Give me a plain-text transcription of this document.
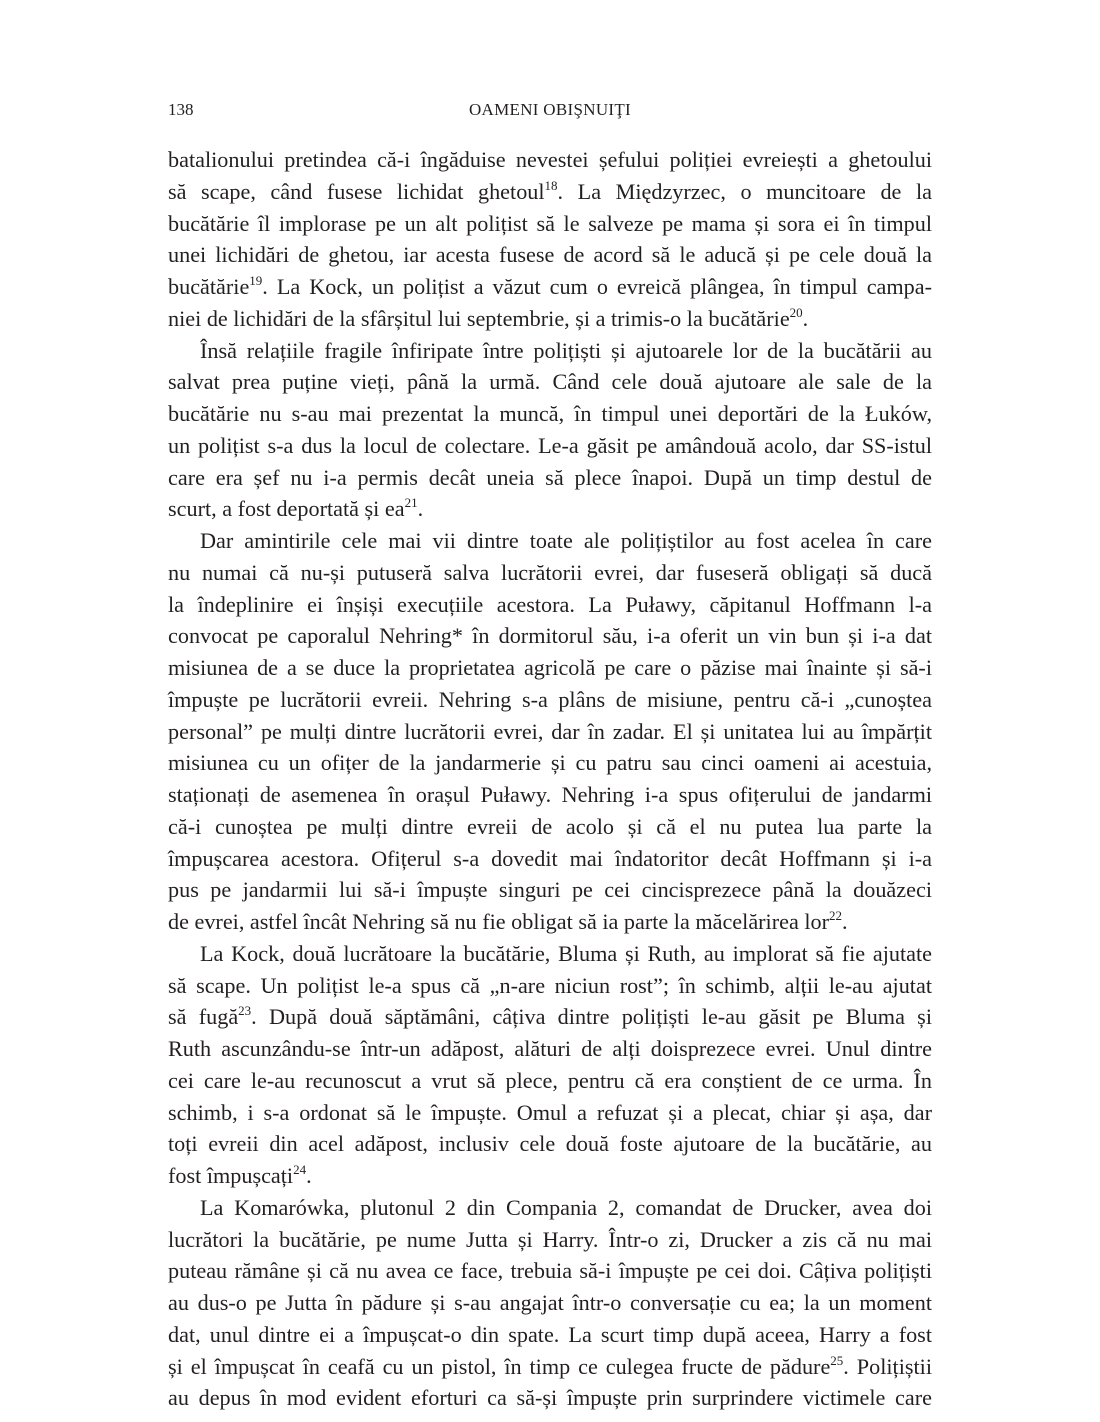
138	OAMENI OBIŞNUIŢI
batalionului pretindea că-i îngăduise nevestei șefului poliției evreiești a ghetoului
să scape, când fusese lichidat ghetoul$^{18}$. La Międzyrzec, o muncitoare de la
bucătărie îl implorase pe un alt polițist să le salveze pe mama și sora ei în timpul
unei lichidări de ghetou, iar acesta fusese de acord să le aducă și pe cele două la
bucătărie$^{19}$. La Kock, un polițist a văzut cum o evreică plângea, în timpul campa-
niei de lichidări de la sfârșitul lui septembrie, și a trimis-o la bucătărie$^{20}$.
Însă relațiile fragile înfiripate între polițiști și ajutoarele lor de la bucătării au
salvat prea puține vieți, până la urmă. Când cele două ajutoare ale sale de la
bucătărie nu s-au mai prezentat la muncă, în timpul unei deportări de la Łuków,
un polițist s-a dus la locul de colectare. Le-a găsit pe amândouă acolo, dar SS-istul
care era șef nu i-a permis decât uneia să plece înapoi. După un timp destul de
scurt, a fost deportată și $ea^{21}$.
Dar amintirile cele mai vii dintre toate ale polițiștilor au fost acelea în care
nu numai că nu-și putuseră salva lucrătorii evrei, dar fuseseră obligați să ducă
la îndeplinire ei înșiși execuțiile acestora. La Puławy, căpitanul Hoffmann l-a
convocat pe caporalul Nehring* în dormitorul său, i-a oferit un vin bun și i-a dat
misiunea de a se duce la proprietatea agricolă pe care o păzise mai înainte și să-i
împuște pe lucrătorii evreii. Nehring s-a plâns de misiune, pentru că-i „cunoștea
personal” pe mulți dintre lucrătorii evrei, dar în zadar. El și unitatea lui au împărțit
misiunea cu un ofițer de la jandarmerie și cu patru sau cinci oameni ai acestuia,
staționați de asemenea în orașul Puławy. Nehring i-a spus ofițerului de jandarmi
că-i cunoștea pe mulți dintre evreii de acolo și că el nu putea lua parte la
împușcarea acestora. Ofițerul s-a dovedit mai îndatoritor decât Hoffmann și i-a
pus pe jandarmii lui să-i împuște singuri pe cei cincisprezece până la douăzeci
de evrei, astfel încât Nehring să nu fie obligat să ia parte la măcelărirea lor$^{22}$.
La Kock, două lucrătoare la bucătărie, Bluma și Ruth, au implorat să fie ajutate
să scape. Un polițist le-a spus că „n-are niciun rost”; în schimb, alții le-au ajutat
să fugă$^{23}$. După două săptămâni, câțiva dintre polițiști le-au găsit pe Bluma și
Ruth ascunzându-se într-un adăpost, alături de alți doisprezece evrei. Unul dintre
cei care le-au recunoscut a vrut să plece, pentru că era conștient de ce urma. În
schimb, i s-a ordonat să le împuște. Omul a refuzat și a plecat, chiar și așa, dar
toți evreii din acel adăpost, inclusiv cele două foste ajutoare de la bucătărie, au
fost împușcați$^{24}$.
La Komarówka, plutonul 2 din Compania 2, comandat de Drucker, avea doi
lucrători la bucătărie, pe nume Jutta și Harry. Într-o zi, Drucker a zis că nu mai
puteau rămâne și că nu avea ce face, trebuia să-i împuște pe cei doi. Câțiva polițiști
au dus-o pe Jutta în pădure și s-au angajat într-o conversație cu ea; la un moment
dat, unul dintre ei a împușcat-o din spate. La scurt timp după aceea, Harry a fost
și el împușcat în ceafă cu un pistol, în timp ce culegea fructe de pădure$^{25}$. Polițiștii
au depus în mod evident eforturi ca să-și împuște prin surprindere victimele care
